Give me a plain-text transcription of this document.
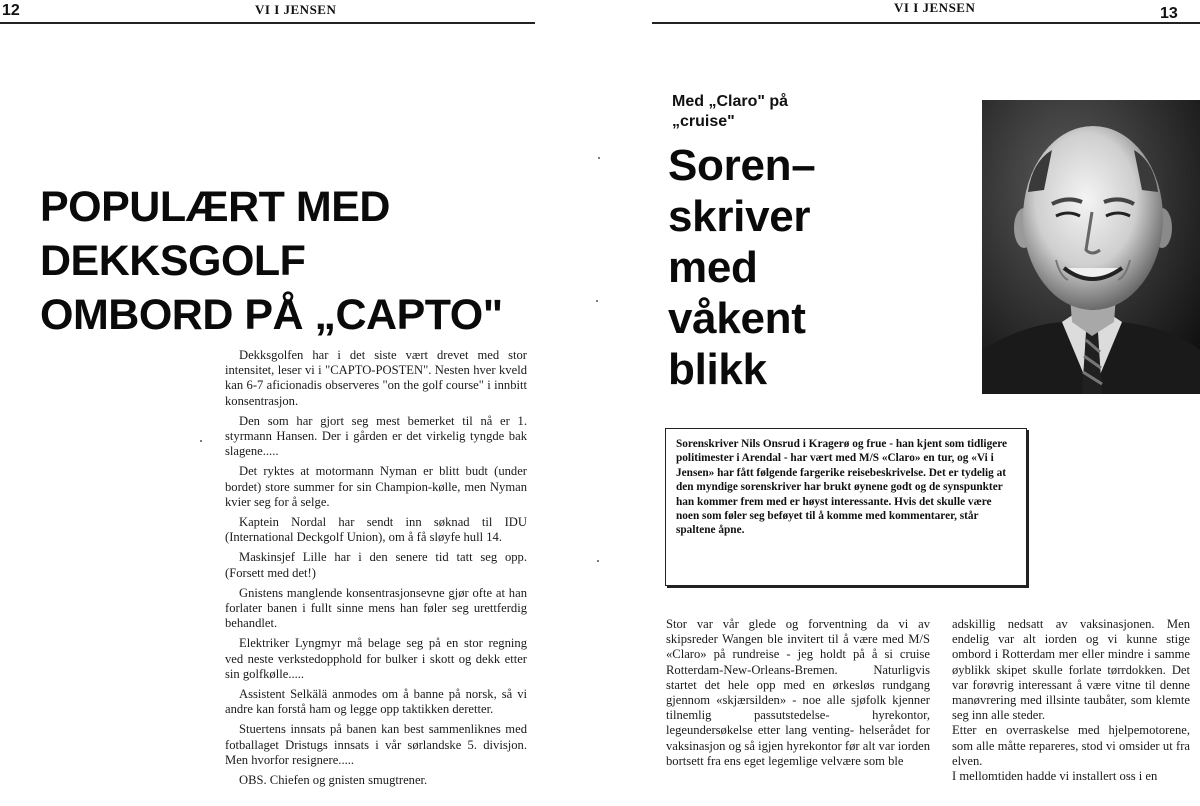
12	VI I JENSEN
POPULÆRT MED
DEKKSGOLF
OMBORD PÅ „CAPTO"

Dekksgolfen har i det siste vært drevet med stor intensitet, leser vi i "CAPTO-POSTEN". Nesten hver kveld kan 6-7 aficionadis observeres "on the golf course" i innbitt konsentrasjon.

Den som har gjort seg mest bemerket til nå er 1. styrmann Hansen. Der i gården er det virkelig tyngde bak slagene.....

Det ryktes at motormann Nyman er blitt budt (under bordet) store summer for sin Champion-kølle, men Nyman kvier seg for å selge.

Kaptein Nordal har sendt inn søknad til IDU (International Deckgolf Union), om å få sløyfe hull 14.

Maskinsjef Lille har i den senere tid tatt seg opp. (Forsett med det!)

Gnistens manglende konsentrasjonsevne gjør ofte at han forlater banen i fullt sinne mens han føler seg urettferdig behandlet.

Elektriker Lyngmyr må belage seg på en stor regning ved neste verkstedopphold for bulker i skott og dekk etter sin golfkølle.....

Assistent Selkälä anmodes om å banne på norsk, så vi andre kan forstå ham og legge opp taktikken deretter.

Stuertens innsats på banen kan best sammenliknes med fotballaget Dristugs innsats i vår sørlandske 5. divisjon. Men hvorfor resignere.....

OBS. Chiefen og gnisten smugtrener.

VI I JENSEN	13
Med „Claro" på
„cruise"
Soren–
skriver
med
våkent
blikk
Sorenskriver Nils Onsrud i Kragerø og frue - han kjent som tidligere politimester i Arendal - har vært med M/S «Claro» en tur, og «Vi i Jensen» har fått følgende fargerike reisebeskrivelse. Det er tydelig at den myndige sorenskriver har brukt øynene godt og de synspunkter han kommer frem med er høyst interessante. Hvis det skulle være noen som føler seg beføyet til å komme med kommentarer, står spaltene åpne.

Stor var vår glede og forventning da vi av skipsreder Wangen ble invitert til å være med M/S «Claro» på rundreise - jeg holdt på å si cruise Rotterdam-New-Orleans-Bremen. Naturligvis startet det hele opp med en ørkesløs rundgang gjennom «skjærsilden» - noe alle sjøfolk kjenner tilnemlig passutstedelse- hyrekontor, legeundersøkelse etter lang venting- helserådet for vaksinasjon og så igjen hyrekontor før alt var iorden bortsett fra ens eget legemlige velvære som ble

adskillig nedsatt av vaksinasjonen. Men endelig var alt iorden og vi kunne stige ombord i Rotterdam mer eller mindre i samme øyblikk skipet skulle forlate tørrdokken. Det var forøvrig interessant å være vitne til denne manøvrering med illsinte taubåter, som klemte seg inn alle steder.

Etter en overraskelse med hjelpemotorene, som alle måtte repareres, stod vi omsider ut fra elven.

I mellomtiden hadde vi installert oss i en
